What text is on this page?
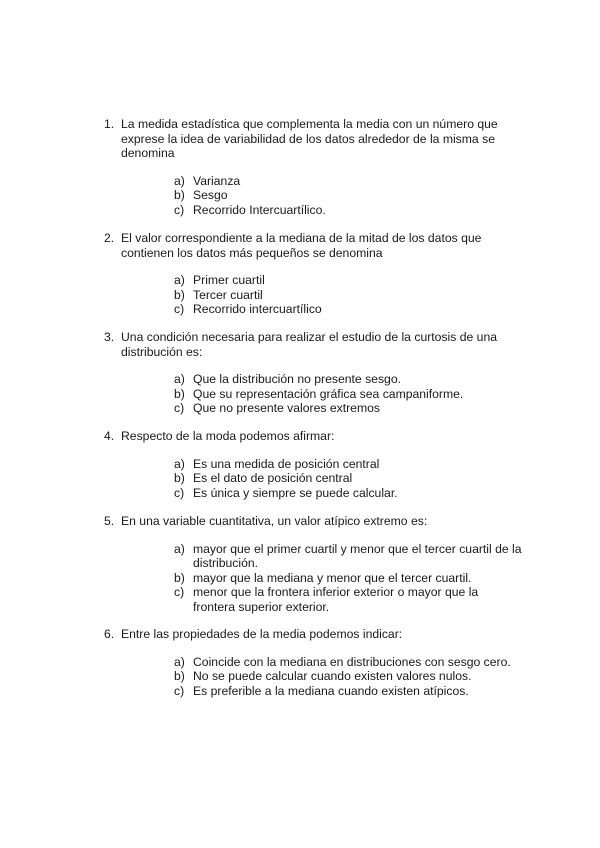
1. La medida estadística que complementa la media con un número que exprese la idea de variabilidad de los datos alrededor de la misma se denomina
a) Varianza
b) Sesgo
c) Recorrido Intercuartílico.
2. El valor correspondiente a la mediana de la mitad de los datos que contienen los datos más pequeños se denomina
a) Primer cuartil
b) Tercer cuartil
c) Recorrido intercuartílico
3. Una condición necesaria para realizar el estudio de la curtosis de una distribución es:
a) Que la distribución no presente sesgo.
b) Que su representación gráfica sea campaniforme.
c) Que no presente valores extremos
4. Respecto de la moda podemos afirmar:
a) Es una medida de posición central
b) Es el dato de posición central
c) Es única y siempre se puede calcular.
5. En una variable cuantitativa, un valor atípico extremo es:
a) mayor que el primer cuartil y menor que el tercer cuartil de la distribución.
b) mayor que la mediana y menor que el tercer cuartil.
c) menor que la frontera inferior exterior o mayor que la frontera superior exterior.
6. Entre las propiedades de la media podemos indicar:
a) Coincide con la mediana en distribuciones con sesgo cero.
b) No se puede calcular cuando existen valores nulos.
c) Es preferible a la mediana cuando existen atípicos.
